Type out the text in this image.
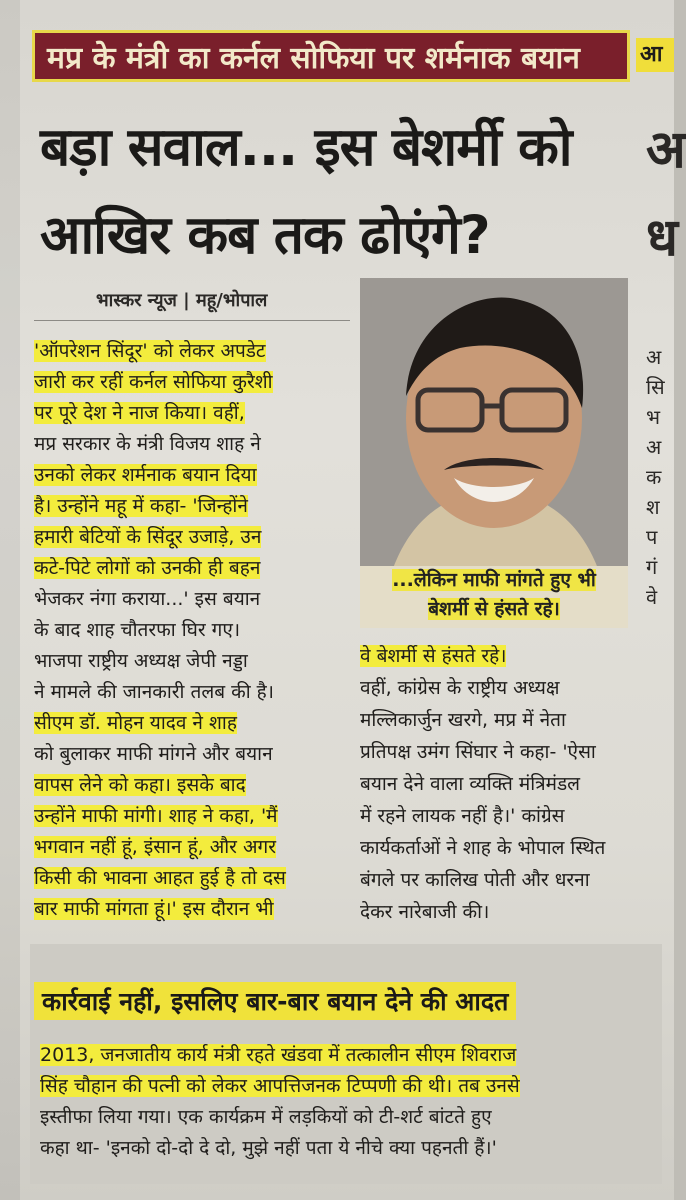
मप्र के मंत्री का कर्नल सोफिया पर शर्मनाक बयान	आ
बड़ा सवाल... इस बेशर्मी को
आखिर कब तक ढोएंगे?
अ
ध
अ
सि
भ
अ
क
श
प
गं
वे
भास्कर न्यूज | महू/भोपाल
'ऑपरेशन सिंदूर' को लेकर अपडेट
जारी कर रहीं कर्नल सोफिया कुरैशी
पर पूरे देश ने नाज किया। वहीं,
मप्र सरकार के मंत्री विजय शाह ने
उनको लेकर शर्मनाक बयान दिया
है। उन्होंने महू में कहा- 'जिन्होंने
हमारी बेटियों के सिंदूर उजाड़े, उन
कटे-पिटे लोगों को उनकी ही बहन
भेजकर नंगा कराया...' इस बयान
के बाद शाह चौतरफा घिर गए।
भाजपा राष्ट्रीय अध्यक्ष जेपी नड्डा
ने मामले की जानकारी तलब की है।
सीएम डॉ. मोहन यादव ने शाह
को बुलाकर माफी मांगने और बयान
वापस लेने को कहा। इसके बाद
उन्होंने माफी मांगी। शाह ने कहा, 'मैं
भगवान नहीं हूं, इंसान हूं, और अगर
किसी की भावना आहत हुई है तो दस
बार माफी मांगता हूं।' इस दौरान भी
...लेकिन माफी मांगते हुए भी
बेशर्मी से हंसते रहे।
वे बेशर्मी से हंसते रहे।
वहीं, कांग्रेस के राष्ट्रीय अध्यक्ष
मल्लिकार्जुन खरगे, मप्र में नेता
प्रतिपक्ष उमंग सिंघार ने कहा- 'ऐसा
बयान देने वाला व्यक्ति मंत्रिमंडल
में रहने लायक नहीं है।' कांग्रेस
कार्यकर्ताओं ने शाह के भोपाल स्थित
बंगले पर कालिख पोती और धरना
देकर नारेबाजी की।
कार्रवाई नहीं, इसलिए बार-बार बयान देने की आदत
2013, जनजातीय कार्य मंत्री रहते खंडवा में तत्कालीन सीएम शिवराज
सिंह चौहान की पत्नी को लेकर आपत्तिजनक टिप्पणी की थी। तब उनसे
इस्तीफा लिया गया। एक कार्यक्रम में लड़कियों को टी-शर्ट बांटते हुए
कहा था- 'इनको दो-दो दे दो, मुझे नहीं पता ये नीचे क्या पहनती हैं।'
